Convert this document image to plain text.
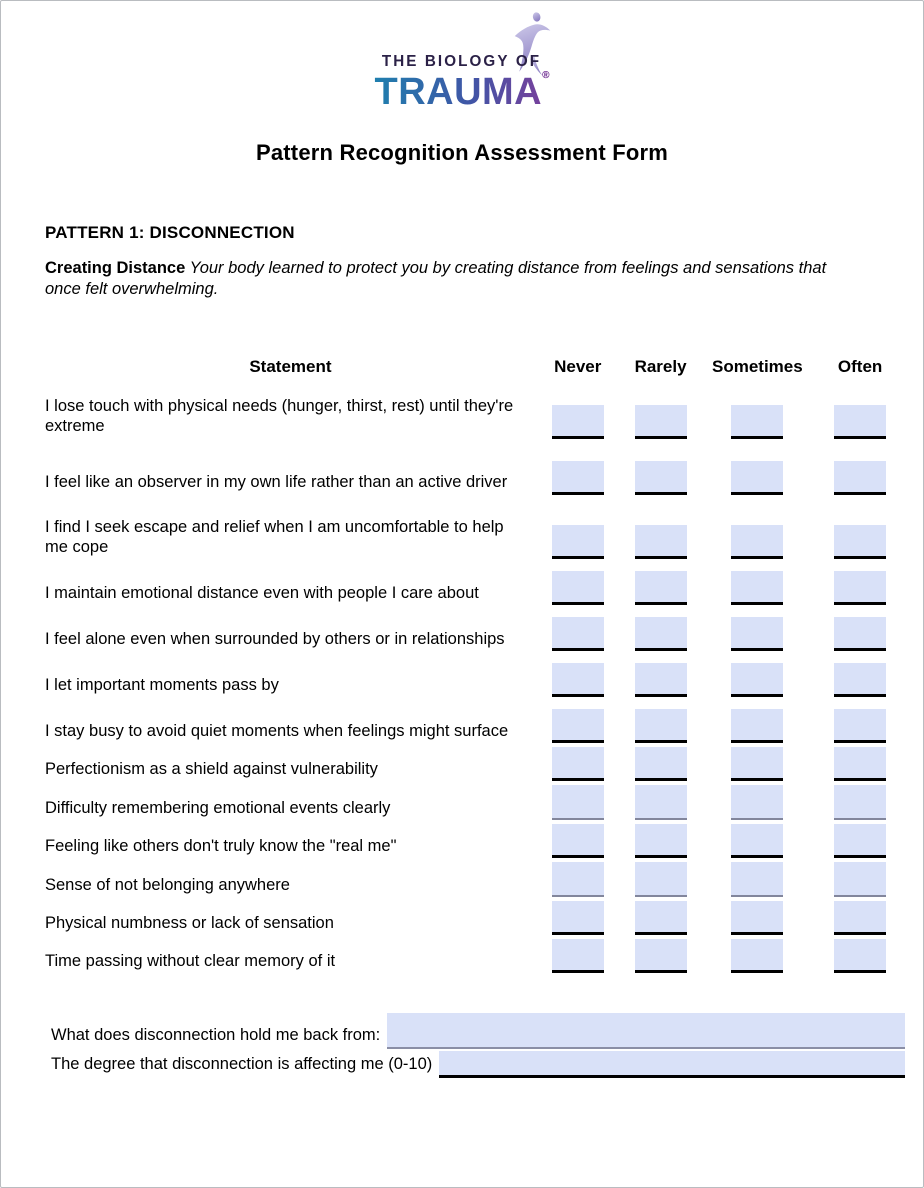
THE BIOLOGY OF
TRAUMA®
Pattern Recognition Assessment Form
PATTERN 1: DISCONNECTION

Creating Distance Your body learned to protect you by creating distance from feelings and sensations that once felt overwhelming.

Statement	Never	Rarely	Sometimes	Often
I lose touch with physical needs (hunger, thirst, rest) until they're extreme
I feel like an observer in my own life rather than an active driver
I find I seek escape and relief when I am uncomfortable to help me cope
I maintain emotional distance even with people I care about
I feel alone even when surrounded by others or in relationships
I let important moments pass by
I stay busy to avoid quiet moments when feelings might surface
Perfectionism as a shield against vulnerability
Difficulty remembering emotional events clearly
Feeling like others don't truly know the "real me"
Sense of not belonging anywhere
Physical numbness or lack of sensation
Time passing without clear memory of it
What does disconnection hold me back from:
The degree that disconnection is affecting me (0-10)
